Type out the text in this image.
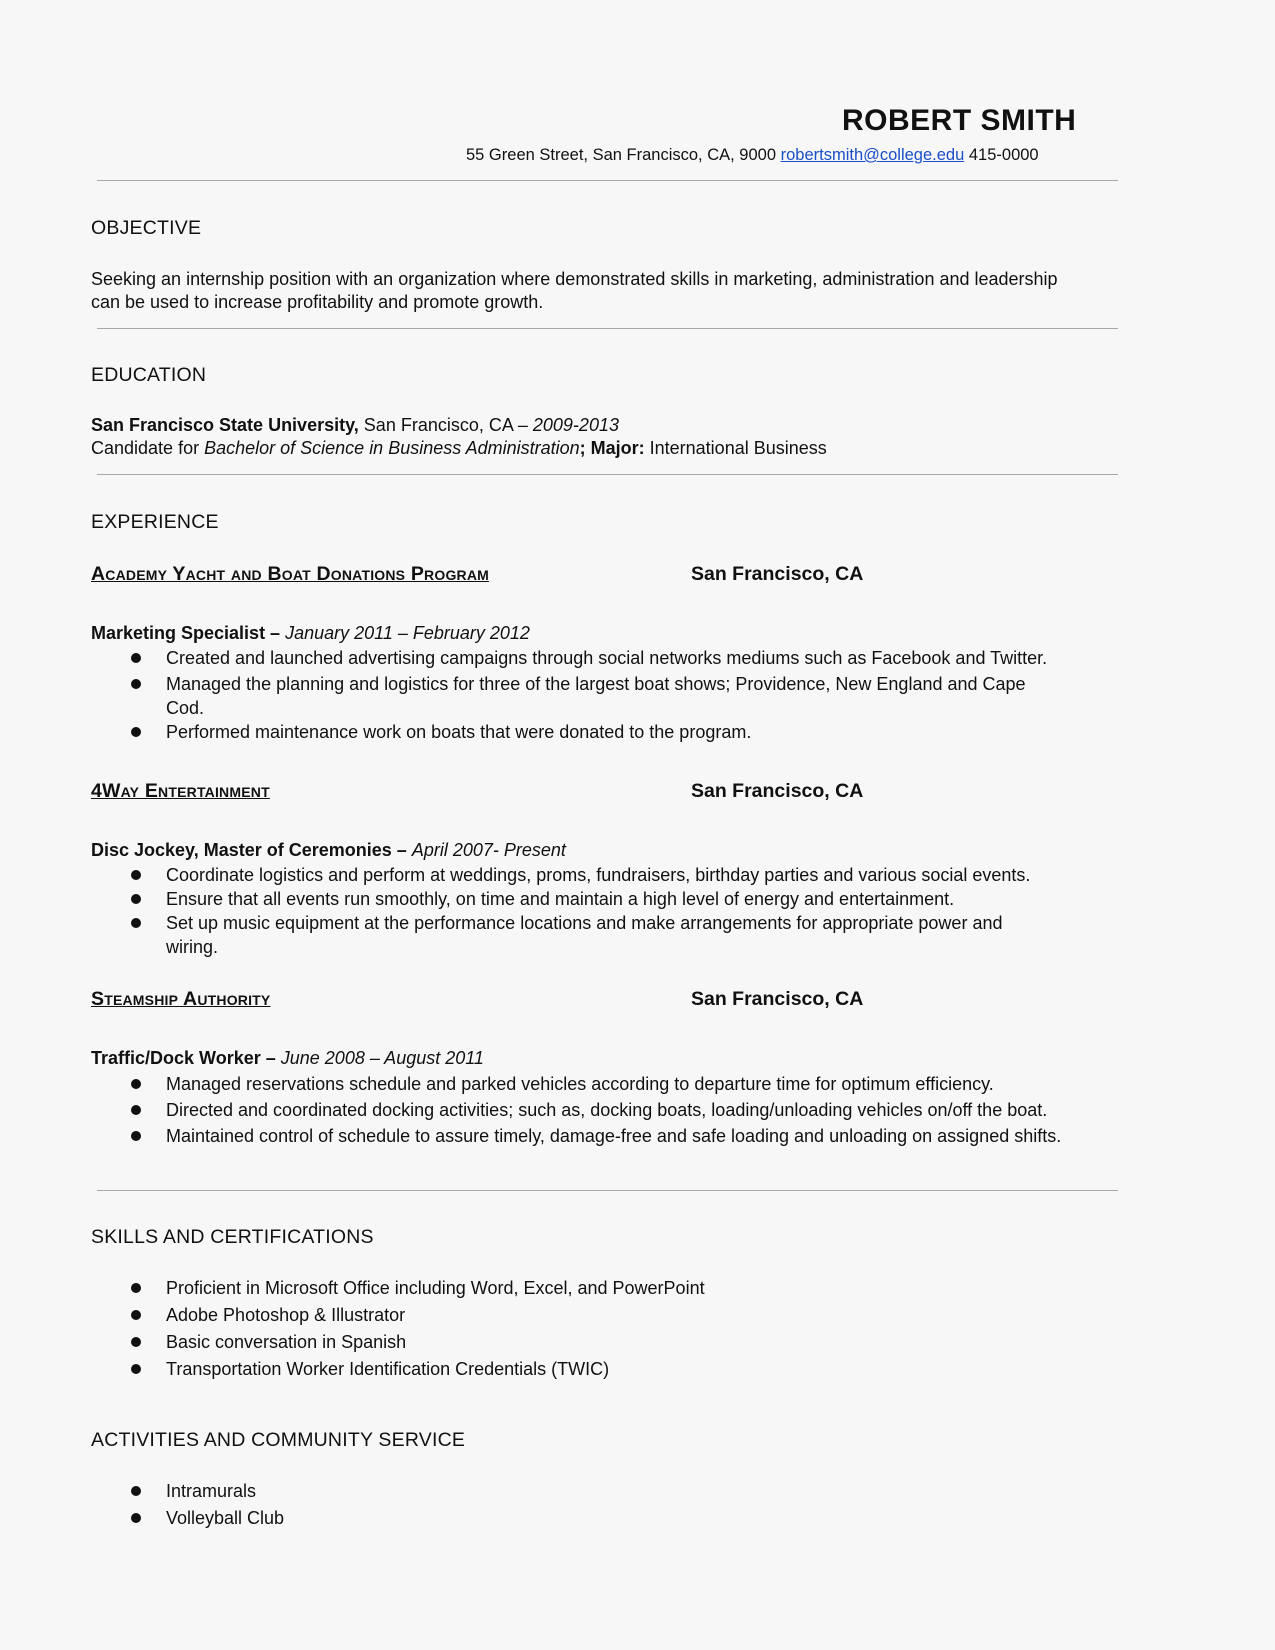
ROBERT SMITH
55 Green Street, San Francisco, CA, 9000 robertsmith@college.edu 415-0000
OBJECTIVE
Seeking an internship position with an organization where demonstrated skills in marketing, administration and leadership
can be used to increase profitability and promote growth.
EDUCATION
San Francisco State University, San Francisco, CA – 2009-2013
Candidate for Bachelor of Science in Business Administration; Major: International Business
EXPERIENCE
Academy Yacht and Boat Donations Program	San Francisco, CA
Marketing Specialist – January 2011 – February 2012
Created and launched advertising campaigns through social networks mediums such as Facebook and Twitter.
Managed the planning and logistics for three of the largest boat shows; Providence, New England and Cape Cod.
Performed maintenance work on boats that were donated to the program.
4Way Entertainment	San Francisco, CA
Disc Jockey, Master of Ceremonies – April 2007- Present
Coordinate logistics and perform at weddings, proms, fundraisers, birthday parties and various social events.
Ensure that all events run smoothly, on time and maintain a high level of energy and entertainment.
Set up music equipment at the performance locations and make arrangements for appropriate power and wiring.
Steamship Authority	San Francisco, CA
Traffic/Dock Worker – June 2008 – August 2011
Managed reservations schedule and parked vehicles according to departure time for optimum efficiency.
Directed and coordinated docking activities; such as, docking boats, loading/unloading vehicles on/off the boat.
Maintained control of schedule to assure timely, damage-free and safe loading and unloading on assigned shifts.
SKILLS AND CERTIFICATIONS
Proficient in Microsoft Office including Word, Excel, and PowerPoint
Adobe Photoshop & Illustrator
Basic conversation in Spanish
Transportation Worker Identification Credentials (TWIC)
ACTIVITIES AND COMMUNITY SERVICE
Intramurals
Volleyball Club
